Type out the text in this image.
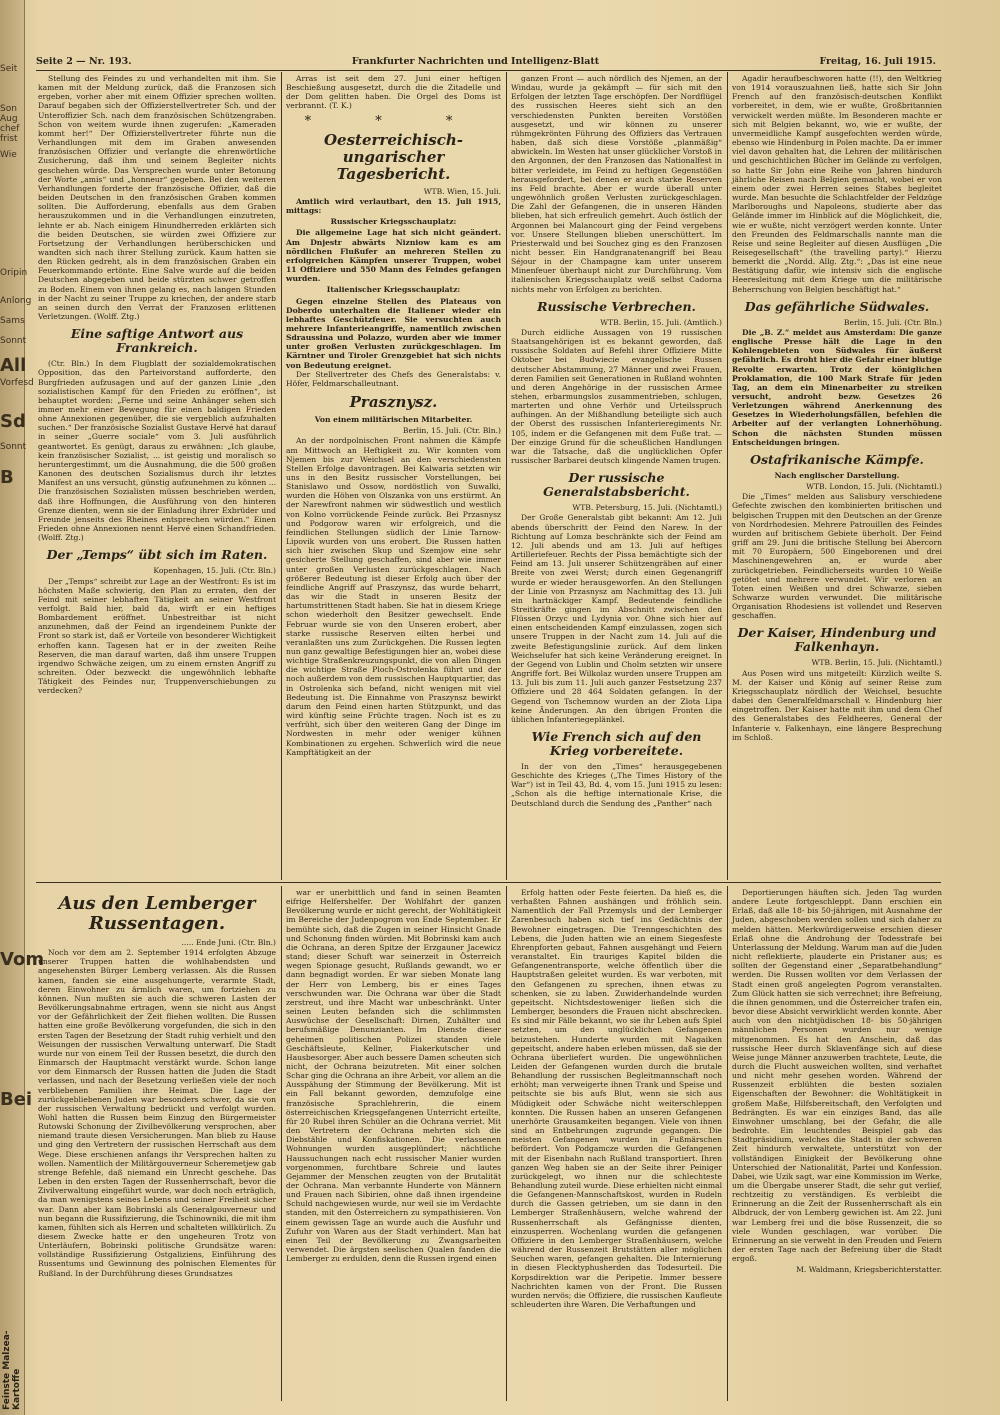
Seit
Son
Aug
chef
frist
Wie
Oripin
Anlong
Sams
Sonnt
All
Vorfesd
Sd
Sonnt
B
Vom
Bei
Feinste Malzea-Kartoffe
Seite 2 — Nr. 193.	Frankfurter Nachrichten und Intelligenz-Blatt	Freitag, 16. Juli 1915.

Stellung des Feindes zu und verhandelten mit ihm. Sie kamen mit der Meldung zurück, daß die Franzosen sich ergeben, vorher aber mit einem Offizier sprechen wollten. Darauf begaben sich der Offizierstellvertreter Sch. und der Unteroffizier Sch. nach dem französischen Schützengraben. Schon von weitem wurde ihnen zugerufen: „Kameraden kommt her!“ Der Offizierstellvertreter führte nun die Verhandlungen mit dem im Graben anwesenden französischen Offizier und verlangte die ehrenwörtliche Zusicherung, daß ihm und seinem Begleiter nichts geschehen würde. Das Versprechen wurde unter Betonung der Worte „amis“ und „honneur“ gegeben. Bei den weiteren Verhandlungen forderte der französische Offizier, daß die beiden Deutschen in den französischen Graben kommen sollten. Die Aufforderung, ebenfalls aus dem Graben herauszukommen und in die Verhandlungen einzutreten, lehnte er ab. Nach einigem Hinundherreden erklärten sich die beiden Deutschen, sie würden zwei Offiziere zur Fortsetzung der Verhandlungen herüberschicken und wandten sich nach ihrer Stellung zurück. Kaum hatten sie den Rücken gedreht, als in dem französischen Graben ein Feuerkommando ertönte. Eine Salve wurde auf die beiden Deutschen abgegeben und beide stürzten schwer getroffen zu Boden. Einem von ihnen gelang es, nach langen Stunden in der Nacht zu seiner Truppe zu kriechen, der andere starb an seinen durch den Verrat der Franzosen erlittenen Verletzungen. (Wolff. Ztg.)

Eine saftige Antwort aus Frankreich.

(Ctr. Bln.) In dem Flugblatt der sozialdemokratischen Opposition, das den Parteivorstand aufforderte, den Burgfrieden aufzusagen und auf der ganzen Linie „den sozialistischen Kampf für den Frieden zu eröffnen“, ist behauptet worden: „Ferne und seine Anhänger sehen sich immer mehr einer Bewegung für einen baldigen Frieden ohne Annexionen gegenüber, die sie vergeblich aufzuhalten suchen.“ Der französische Sozialist Gustave Hervé hat darauf in seiner „Guerre sociale“ vom 3. Juli ausführlich geantwortet. Es genügt, daraus zu erwähnen: „Ich glaube, kein französischer Sozialist, ... ist geistig und moralisch so heruntergestimmt, um die Ausnahmung, die die 500 großen Kanonen des deutschen Sozialismus durch ihr letztes Manifest an uns versucht, günstig aufzunehmen zu können ... Die französischen Sozialisten müssen beschrieben werden, daß ihre Hoffnungen, die Ausführung von den hinteren Grenze dienten, wenn sie der Einladung ihrer Exbrüder und Freunde jenseits des Rheines entsprechen würden.“ Einen Frieden ohne Annexionen nennt Hervé einen Schandfrieden. (Wolff. Ztg.)

Der „Temps“ übt sich im Raten.
Kopenhagen, 15. Juli. (Ctr. Bln.)

Der „Temps“ schreibt zur Lage an der Westfront: Es ist im höchsten Maße schwierig, den Plan zu erraten, den der Feind mit seiner lebhaften Tätigkeit an seiner Westfront verfolgt. Bald hier, bald da, wirft er ein heftiges Bombardement eröffnet. Unbestreitbar ist nicht anzunehmen, daß der Feind an irgendeinem Punkte der Front so stark ist, daß er Vorteile von besonderer Wichtigkeit erhoffen kann. Tagesen hat er in der zweiten Reihe Reserven, die man darauf warten, daß ihm unsere Truppen irgendwo Schwäche zeigen, um zu einem ernsten Angriff zu schreiten. Oder bezweckt die ungewöhnlich lebhafte Tätigkeit des Feindes nur, Truppenverschiebungen zu verdecken?

Arras ist seit dem 27. Juni einer heftigen Beschießung ausgesetzt, durch die die Zitadelle und der Dom gelitten haben. Die Orgel des Doms ist verbrannt. (T. K.)

* * *
Oesterreichisch-ungarischer Tagesbericht.
WTB. Wien, 15. Juli.

Amtlich wird verlautbart, den 15. Juli 1915, mittags:

Russischer Kriegsschauplatz:

Die allgemeine Lage hat sich nicht geändert. Am Dnjestr abwärts Nizniow kam es am nördlichen Flußufer an mehreren Stellen zu erfolgreichen Kämpfen unserer Truppen, wobei 11 Offiziere und 550 Mann des Feindes gefangen wurden.

Italienischer Kriegsschauplatz:

Gegen einzelne Stellen des Plateaus von Doberdo unterhalten die Italiener wieder ein lebhaftes Geschützfeuer. Sie versuchten auch mehrere Infanterieangriffe, namentlich zwischen Sdraussina und Polazzo, wurden aber wie immer unter großen Verlusten zurückgeschlagen. Im Kärntner und Tiroler Grenzgebiet hat sich nichts von Bedeutung ereignet.

Der Stellvertreter des Chefs des Generalstabs: v. Höfer, Feldmarschalleutnant.

Prasznysz.
Von einem militärischen Mitarbeiter.
Berlin, 15. Juli. (Ctr. Bln.)

An der nordpolnischen Front nahmen die Kämpfe am Mittwoch an Heftigkeit zu. Wir konnten vom Njemen bis zur Weichsel an den verschiedensten Stellen Erfolge davontragen. Bei Kalwaria setzten wir uns in den Besitz russischer Vorstellungen, bei Stanislawo und Ossow, nordöstlich von Suwalki, wurden die Höhen von Olszanka von uns erstürmt. An der Narewfront nahmen wir südwestlich und westlich von Kolno vorrückende Feinde zurück. Bei Przasnysz und Podgorow waren wir erfolgreich, und die feindlichen Stellungen südlich der Linie Tarnow-Lipovik wurden von uns erobert. Die Russen hatten sich hier zwischen Skup und Szemjow eine sehr gesicherte Stellung geschaffen, sind aber wie immer unter großen Verlusten zurückgeschlagen. Nach größerer Bedeutung ist dieser Erfolg auch über der feindliche Angriff auf Praszynsz, das wurde beharrt, das wir die Stadt in unseren Besitz der hartumstrittenen Stadt haben. Sie hat in diesem Kriege schon wiederholt den Besitzer gewechselt. Ende Februar wurde sie von den Unseren erobert, aber starke russische Reserven eilten herbei und veranlaßten uns zum Zurückgehen. Die Russen legten nun ganz gewaltige Befestigungen hier an, wobei diese wichtige Straßenkreuzungspunkt, die von allen Dingen die wichtige Straße Ploch-Ostrolenka führt und der noch außerdem von dem russischen Hauptquartier, das in Ostrolenka sich befand, nicht wenigen mit viel Bedeutung ist. Die Einnahme von Praszynsz bewirkt darum den Feind einen harten Stützpunkt, und das wird künftig seine Früchte tragen. Noch ist es zu verfrüht, sich über den weiteren Gang der Dinge im Nordwesten in mehr oder weniger kühnen Kombinationen zu ergehen. Schwerlich wird die neue Kampftätigkeit an der

ganzen Front — auch nördlich des Njemen, an der Windau, wurde ja gekämpft — für sich mit den Erfolgen der letzten Tage erschöpfen. Der Nordflügel des russischen Heeres sieht sich an den verschiedensten Punkten bereiten Vorstößen ausgesetzt, und wir können zu unserer rühmgekrönten Führung des Offiziers das Vertrauen haben, daß sich diese Vorstöße „planmäßig“ abwickeln. Im Westen hat unser glücklicher Vorstoß in den Argonnen, der den Franzosen das Nationalfest in bitter verleidete, im Feind zu heftigen Gegenstößen herausgefordert, bei denen er auch starke Reserven ins Feld brachte. Aber er wurde überall unter ungewöhnlich großen Verlusten zurückgeschlagen. Die Zahl der Gefangenen, die in unseren Händen blieben, hat sich erfreulich gemehrt. Auch östlich der Argonnen bei Malancourt ging der Feind vergebens vor. Unsere Stellungen blieben unerschüttert. Im Priesterwald und bei Souchez ging es den Franzosen nicht besser. Ein Handgranatenangriff bei Beau Séjour in der Champagne kam unter unserem Minenfeuer überhaupt nicht zur Durchführung. Vom italienischen Kriegsschauplatz weiß selbst Cadorna nichts mehr von Erfolgen zu berichten.

Russische Verbrechen.
WTB. Berlin, 15. Juli. (Amtlich.)

Durch eidliche Aussagen von 19 russischen Staatsangehörigen ist es bekannt geworden, daß russische Soldaten auf Befehl ihrer Offiziere Mitte Oktober bei Budwiecie evangelische Russen deutscher Abstammung, 27 Männer und zwei Frauen, deren Familien seit Generationen in Rußland wohnten und deren Angehörige in der russischen Armee stehen, erbarmungslos zusammentrieben, schlugen, marterten und ohne Verhör und Urteilsspruch aufhingen. An der Mißhandlung beteiligte sich auch der Oberst des russischen Infanterieregiments Nr. 105, indem er die Gefangenen mit dem Fuße trat. — Der einzige Grund für die scheußlichen Handlungen war die Tatsache, daß die unglücklichen Opfer russischer Barbarei deutsch klingende Namen trugen.

Der russische Generalstabsbericht.
WTB. Petersburg, 15. Juli. (Nichtamtl.)

Der Große Generalstab gibt bekannt: Am 12. Juli abends überschritt der Feind den Narew. In der Richtung auf Lomza beschränkte sich der Feind am 12. Juli abends und am 13. Juli auf heftiges Artilleriefeuer. Rechts der Pissa bemächtigte sich der Feind am 13. Juli unserer Schützengräben auf einer Breite von zwei Werst; durch einen Gegenangriff wurde er wieder herausgeworfen. An den Stellungen der Linie von Przasnysz am Nachmittag des 13. Juli ein hartnäckiger Kampf. Bedeutende feindliche Streitkräfte gingen im Abschnitt zwischen den Flüssen Orzyc und Lydynia vor. Ohne sich hier auf einen entscheidenden Kampf einzulassen, zogen sich unsere Truppen in der Nacht zum 14. Juli auf die zweite Befestigungslinie zurück. Auf dem linken Weichselufer hat sich keine Veränderung ereignet. In der Gegend von Lublin und Cholm setzten wir unsere Angriffe fort. Bei Wilkolaz wurden unsere Truppen am 13. Juli bis zum 11. Juli auch ganzer Festsetzung 237 Offiziere und 28 464 Soldaten gefangen. In der Gegend von Tschemnow wurden an der Zlota Lipa keine Änderungen. An den übrigen Fronten die üblichen Infanteriegeplänkel.

Wie French sich auf den Krieg vorbereitete.

In der von den „Times“ herausgegebenen Geschichte des Krieges („The Times History of the War“) ist in Teil 43, Bd. 4, vom 15. Juni 1915 zu lesen: „Schon als die heftige internationale Krise, die Deutschland durch die Sendung des „Panther“ nach

Agadir heraufbeschworen hatte (!!), den Weltkrieg von 1914 vorauszuahnen ließ, hatte sich Sir John French auf den französisch-deutschen Konflikt vorbereitet, in dem, wie er wußte, Großbritannien verwickelt werden müßte. Im Besonderen machte er sich mit Belgien bekannt, wo, wie er wußte, der unvermeidliche Kampf ausgefochten werden würde, ebenso wie Hindenburg in Polen machte. Da er immer viel davon gehalten hat, die Lehren der militärischen und geschichtlichen Bücher im Gelände zu verfolgen, so hatte Sir John eine Reihe von Jahren hindurch jährliche Reisen nach Belgien gemacht, wobei er von einem oder zwei Herren seines Stabes begleitet wurde. Man besuchte die Schlachtfelder der Feldzüge Marlboroughs und Napoleons, studierte aber das Gelände immer im Hinblick auf die Möglichkeit, die, wie er wußte, nicht verzögert werden konnte. Unter den Freunden des Feldmarschalls nannte man die Reise und seine Begleiter auf diesen Ausflügen „Die Reisegesellschaft“ (the travelling party).“ Hierzu bemerkt die „Nordd. Allg. Ztg.“: „Das ist eine neue Bestätigung dafür, wie intensiv sich die englische Heeresleitung mit dem Kriege um die militärische Beherrschung von Belgien beschäftigt hat.“

Das gefährliche Südwales.
Berlin, 15. Juli. (Ctr. Bln.)

Die „B. Z.“ meldet aus Amsterdam: Die ganze englische Presse hält die Lage in den Kohlengebieten von Südwales für äußerst gefährlich. Es droht hier die Gefahr einer blutige Revolte erwarten. Trotz der königlichen Proklamation, die 100 Mark Strafe für jeden Tag, an dem ein Minenarbeiter zu streiken versucht, androht bezw. Gesetzes 26 Verletzungen während Anerkennung des Gesetzes in Wiederholungsfällen, befehlen die Arbeiter auf der verlangten Lohnerhöhung. Schon die nächsten Stunden müssen Entscheidungen bringen.

Ostafrikanische Kämpfe.
Nach englischer Darstellung.
WTB. London, 15. Juli. (Nichtamtl.)

Die „Times“ melden aus Salisbury verschiedene Gefechte zwischen den kombinierten britischen und belgischen Truppen mit den Deutschen an der Grenze von Nordrhodesien. Mehrere Patrouillen des Feindes wurden auf britischem Gebiete überholt. Der Feind griff am 29. Juni die britische Stellung bei Abercorn mit 70 Europäern, 500 Eingeborenen und drei Maschinengewehren an, er wurde aber zurückgetrieben. Feindlicherseits wurden 10 Weiße getötet und mehrere verwundet. Wir verloren an Toten einen Weißen und drei Schwarze, sieben Schwarze wurden verwundet. Die militärische Organisation Rhodesiens ist vollendet und Reserven geschaffen.

Der Kaiser, Hindenburg und Falkenhayn.
WTB. Berlin, 15. Juli. (Nichtamtl.)

Aus Posen wird uns mitgeteilt: Kürzlich weilte S. M. der Kaiser und König auf seiner Reise zum Kriegsschauplatz nördlich der Weichsel, besuchte dabei den Generalfeldmarschall v. Hindenburg hier eingetroffen. Der Kaiser hatte mit ihm und dem Chef des Generalstabes des Feldheeres, General der Infanterie v. Falkenhayn, eine längere Besprechung im Schloß.

Aus den Lemberger Russentagen.
..... Ende Juni. (Ctr. Bln.)

Noch vor dem am 2. September 1914 erfolgten Abzuge unserer Truppen hatten die wohlhabendsten und angesehensten Bürger Lemberg verlassen. Als die Russen kamen, fanden sie eine ausgehungerte, verarmte Stadt, deren Einwohner zu ärmlich waren, um fortziehen zu können. Nun mußten sie auch die schweren Lasten der Bevölkerungsabnahme ertragen, wenn sie nicht aus Angst vor der Gefährlichkeit der Zeit fliehen wollten. Die Russen hatten eine große Bevölkerung vorgefunden, die sich in den ersten Tagen der Besetzung der Stadt ruhig verhielt und den Weisungen der russischen Verwaltung unterwarf. Die Stadt wurde nur von einem Teil der Russen besetzt, die durch den Einmarsch der Hauptmacht verstärkt wurde. Schon lange vor dem Einmarsch der Russen hatten die Juden die Stadt verlassen, und nach der Besetzung verließen viele der noch verbliebenen Familien ihre Heimat. Die Lage der zurückgebliebenen Juden war besonders schwer, da sie von der russischen Verwaltung bedrückt und verfolgt wurden. Wohl hatten die Russen beim Einzug den Bürgermeister Rutowski Schonung der Zivilbevölkerung versprochen, aber niemand traute diesen Versicherungen. Man blieb zu Hause und ging den Vertretern der russischen Herrschaft aus dem Wege. Diese erschienen anfangs ihr Versprechen halten zu wollen. Namentlich der Militärgouverneur Scheremetjew gab strenge Befehle, daß niemand ein Unrecht geschehe. Das Leben in den ersten Tagen der Russenherrschaft, bevor die Zivilverwaltung eingeführt wurde, war doch noch erträglich, da man wenigstens seines Lebens und seiner Freiheit sicher war. Dann aber kam Bobrinski als Generalgouverneur und nun begann die Russifizierung, die Tschinowniki, die mit ihm kamen, fühlten sich als Herren und schalteten willkürlich. Zu diesem Zwecke hatte er den ungeheuren Trotz von Unterläufern, Bobrinski politische Grundsätze waren: vollständige Russifizierung Ostgaliziens, Einführung des Russentums und Gewinnung des polnischen Elementes für Rußland. In der Durchführung dieses Grundsatzes

war er unerbittlich und fand in seinen Beamten eifrige Helfershelfer. Der Wohlfahrt der ganzen Bevölkerung wurde er nicht gerecht, der Wohltätigkeit im Bereiche der Judenpogrom von Ende September. Er bemühte sich, daß die Zugen in seiner Hinsicht Gnade und Schonung finden würden. Mit Bobrinski kam auch die Ochrana, an deren Spitze der Erzgauner Jacewicz stand; dieser Schuft war seinerzeit in Österreich wegen Spionage gesucht, Rußlands gewandt, wo er dann begnadigt worden. Er war sieben Monate lang der Herr von Lemberg, bis er eines Tages verschwunden war. Die Ochrana war über die Stadt zerstreut, und ihre Macht war unbeschränkt. Unter seinen Leuten befanden sich die schlimmsten Auswüchse der Gesellschaft: Dirnen, Zuhälter und berufsmäßige Denunzianten. Im Dienste dieser geheimen politischen Polizei standen viele Geschäftsleute, Kellner, Fiakerkutscher und Hausbesorger. Aber auch bessere Damen scheuten sich nicht, der Ochrana beizutreten. Mit einer solchen Schar ging die Ochrana an ihre Arbeit, vor allem an die Ausspähung der Stimmung der Bevölkerung. Mit ist ein Fall bekannt geworden, demzufolge eine französische Sprachlehrerin, die einem österreichischen Kriegsgefangenen Unterricht erteilte, für 20 Rubel ihren Schüler an die Ochrana verriet. Mit den Vertretern der Ochrana mehrten sich die Diebstähle und Konfiskationen. Die verlassenen Wohnungen wurden ausgeplündert; nächtliche Haussuchungen nach echt russischer Manier wurden vorgenommen, furchtbare Schreie und lautes Gejammer der Menschen zeugten von der Brutalität der Ochrana. Man verbannte Hunderte von Männern und Frauen nach Sibirien, ohne daß ihnen irgendeine Schuld nachgewiesen wurde, nur weil sie im Verdachte standen, mit den Österreichern zu sympathisieren. Von einem gewissen Tage an wurde auch die Ausfuhr und Zufuhr von Waren aus der Stadt verhindert. Man hat einen Teil der Bevölkerung zu Zwangsarbeiten verwendet. Die ärgsten seelischen Qualen fanden die Lemberger zu erdulden, denn die Russen irgend einen

Erfolg hatten oder Feste feierten. Da hieß es, die verhaßten Fahnen aushängen und fröhlich sein. Namentlich der Fall Przemysls und der Lemberger Zarenbesuch haben sich tief ins Gedächtnis der Bewohner eingetragen. Die Trenngeschichten des Lebens, die Juden hatten wie an einem Siegesfeste Ehrenpforten gebaut, Fahnen ausgehängt und Feiern veranstaltet. Ein trauriges Kapitel bilden die Gefangenentransporte, welche öffentlich über die Hauptstraßen geleitet wurden. Es war verboten, mit den Gefangenen zu sprechen, ihnen etwas zu schenken, sie zu laben. Zuwiderhandelnde wurden gepeitscht. Nichtsdestoweniger ließen sich die Lemberger, besonders die Frauen nicht abschrecken. Es sind mir Fälle bekannt, wo sie ihr Leben aufs Spiel setzten, um den unglücklichen Gefangenen beizustehen. Hunderte wurden mit Nagaiken gepeitscht, andere haben erleben müssen, daß sie der Ochrana überliefert wurden. Die ungewöhnlichen Leiden der Gefangenen wurden durch die brutale Behandlung der russischen Begleitmannschaft noch erhöht; man verweigerte ihnen Trank und Speise und peitschte sie bis aufs Blut, wenn sie sich aus Müdigkeit oder Schwäche nicht weiterschleppen konnten. Die Russen haben an unseren Gefangenen unerhörte Grausamkeiten begangen. Viele von ihnen sind an Entbehrungen zugrunde gegangen. Die meisten Gefangenen wurden in Fußmärschen befördert. Von Podgamcze wurden die Gefangenen mit der Eisenbahn nach Rußland transportiert. Ihren ganzen Weg haben sie an der Seite ihrer Peiniger zurückgelegt, wo ihnen nur die schlechteste Behandlung zuteil wurde. Diese erhielten nicht einmal die Gefangenen-Mannschaftskost, wurden in Rudeln durch die Gassen getrieben, um sie dann in den Lemberger Straßenhäusern, welche wahrend der Russenherrschaft als Gefängnisse dienten, einzusperren. Wochenlang wurden die gefangenen Offiziere in den Lemberger Straßenhäusern, welche während der Russenzeit Brutstätten aller möglichen Seuchen waren, gefangen gehalten. Die Internierung in diesen Flecktyphusherden das Todesurteil. Die Korpsdirektion war die Peripetie. Immer bessere Nachrichten kamen von der Front. Die Russen wurden nervös; die Offiziere, die russischen Kaufleute schleuderten ihre Waren. Die Verhaftungen und

Deportierungen häuften sich. Jeden Tag wurden andere Leute fortgeschleppt. Dann erschien ein Erlaß, daß alle 18- bis 50-jährigen, mit Ausnahme der Juden, abgeschoben werden sollen und sich daher zu melden hätten. Merkwürdigerweise erschien dieser Erlaß ohne die Androhung der Todesstrafe bei Unterlassung der Meldung. Warum man auf die Juden nicht reflektierte, plauderte ein Pristaner aus; es sollten der Gegenstand einer „Separatbehandlung“ werden. Die Russen wollten vor dem Verlassen der Stadt einen groß angelegten Pogrom veranstalten. Zum Glück hatten sie sich verrechnet; ihre Befreiung, die ihnen genommen, und die Österreicher trafen ein, bevor diese Absicht verwirklicht werden konnte. Aber auch von den nichtjüdischen 18- bis 50-jährigen männlichen Personen wurden nur wenige mitgenommen. Es hat den Anschein, daß das russische Heer durch Sklavenfänge sich auf diese Weise junge Männer anzuwerben trachtete, Leute, die durch die Flucht ausweichen wollten, sind verhaftet und nicht mehr gesehen worden. Während der Russenzeit erblühten die besten sozialen Eigenschaften der Bewohner: die Wohltätigkeit in großem Maße, Hilfsbereitschaft, den Verfolgten und Bedrängten. Es war ein einziges Band, das alle Einwohner umschlang, bei der Gefahr, die alle bedrohte. Ein leuchtendes Beispiel gab das Stadtpräsidium, welches die Stadt in der schweren Zeit hindurch verwaltete, unterstützt von der vollständigen Einigkeit der Bevölkerung ohne Unterschied der Nationalität, Partei und Konfession. Dabei, wie Uzik sagt, war eine Kommission im Werke, um die Übergabe unserer Stadt, die sehr gut verlief, rechtzeitig zu verständigen. Es verbleibt die Erinnerung an die Zeit der Russenherrschaft als ein Albdruck, der von Lemberg gewichen ist. Am 22. Juni war Lemberg frei und die böse Russenzeit, die so viele Wunden geschlagen, war vorüber. Die Erinnerung an sie verweht in den Freuden und Feiern der ersten Tage nach der Befreiung über die Stadt ergoß.

M. Waldmann, Kriegsberichterstatter.
